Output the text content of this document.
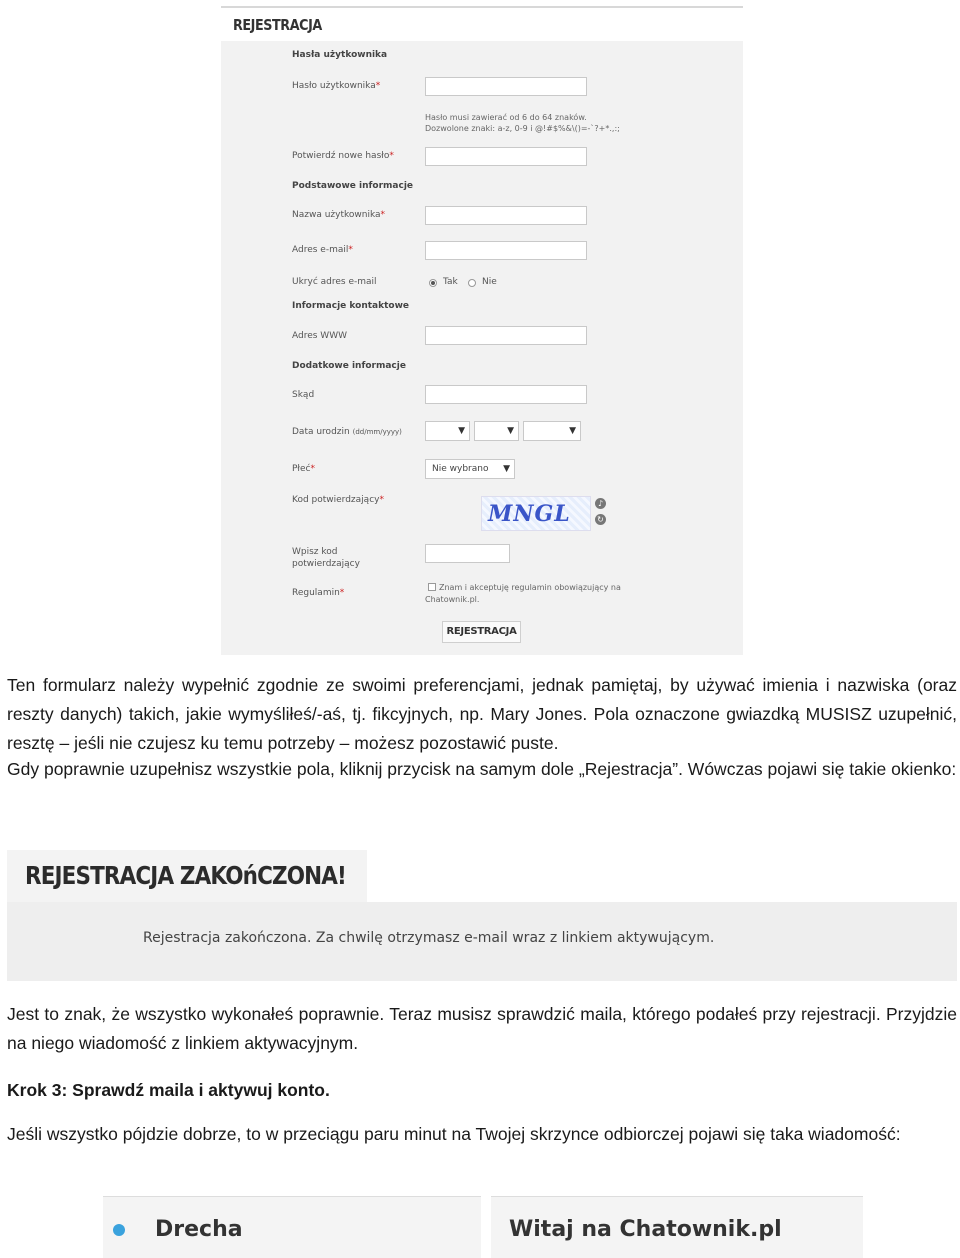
REJESTRACJA
Hasła użytkownika
Hasło użytkownika*
Hasło musi zawierać od 6 do 64 znaków.
Dozwolone znaki: a-z, 0-9 i @!#$%&\()=-`?+*.,:;
Potwierdź nowe hasło*
Podstawowe informacje
Nazwa użytkownika*
Adres e-mail*
Ukryć adres e-mail	Tak	Nie
Informacje kontaktowe
Adres WWW
Dodatkowe informacje
Skąd
Data urodzin (dd/mm/yyyy)	▼	▼	▼
Płeć*	Nie wybrano ▼
Kod potwierdzający*
MNGL	♪
↻
Wpisz kod
potwierdzający
Regulamin*
Znam i akceptuję regulamin obowiązujący na Chatownik.pl.
REJESTRACJA

Ten formularz należy wypełnić zgodnie ze swoimi preferencjami, jednak pamiętaj, by używać imienia i nazwiska (oraz reszty danych) takich, jakie wymyśliłeś/-aś, tj. fikcyjnych, np. Mary Jones. Pola oznaczone gwiazdką MUSISZ uzupełnić, resztę – jeśli nie czujesz ku temu potrzeby – możesz pozostawić puste.

Gdy poprawnie uzupełnisz wszystkie pola, kliknij przycisk na samym dole „Rejestracja”. Wówczas pojawi się takie okienko:

REJESTRACJA ZAKOńCZONA!
Rejestracja zakończona. Za chwilę otrzymasz e-mail wraz z linkiem aktywującym.

Jest to znak, że wszystko wykonałeś poprawnie. Teraz musisz sprawdzić maila, którego podałeś przy rejestracji. Przyjdzie na niego wiadomość z linkiem aktywacyjnym.

Krok 3: Sprawdź maila i aktywuj konto.

Jeśli wszystko pójdzie dobrze, to w przeciągu paru minut na Twojej skrzynce odbiorczej pojawi się taka wiadomość:

Drecha	Witaj na Chatownik.pl
